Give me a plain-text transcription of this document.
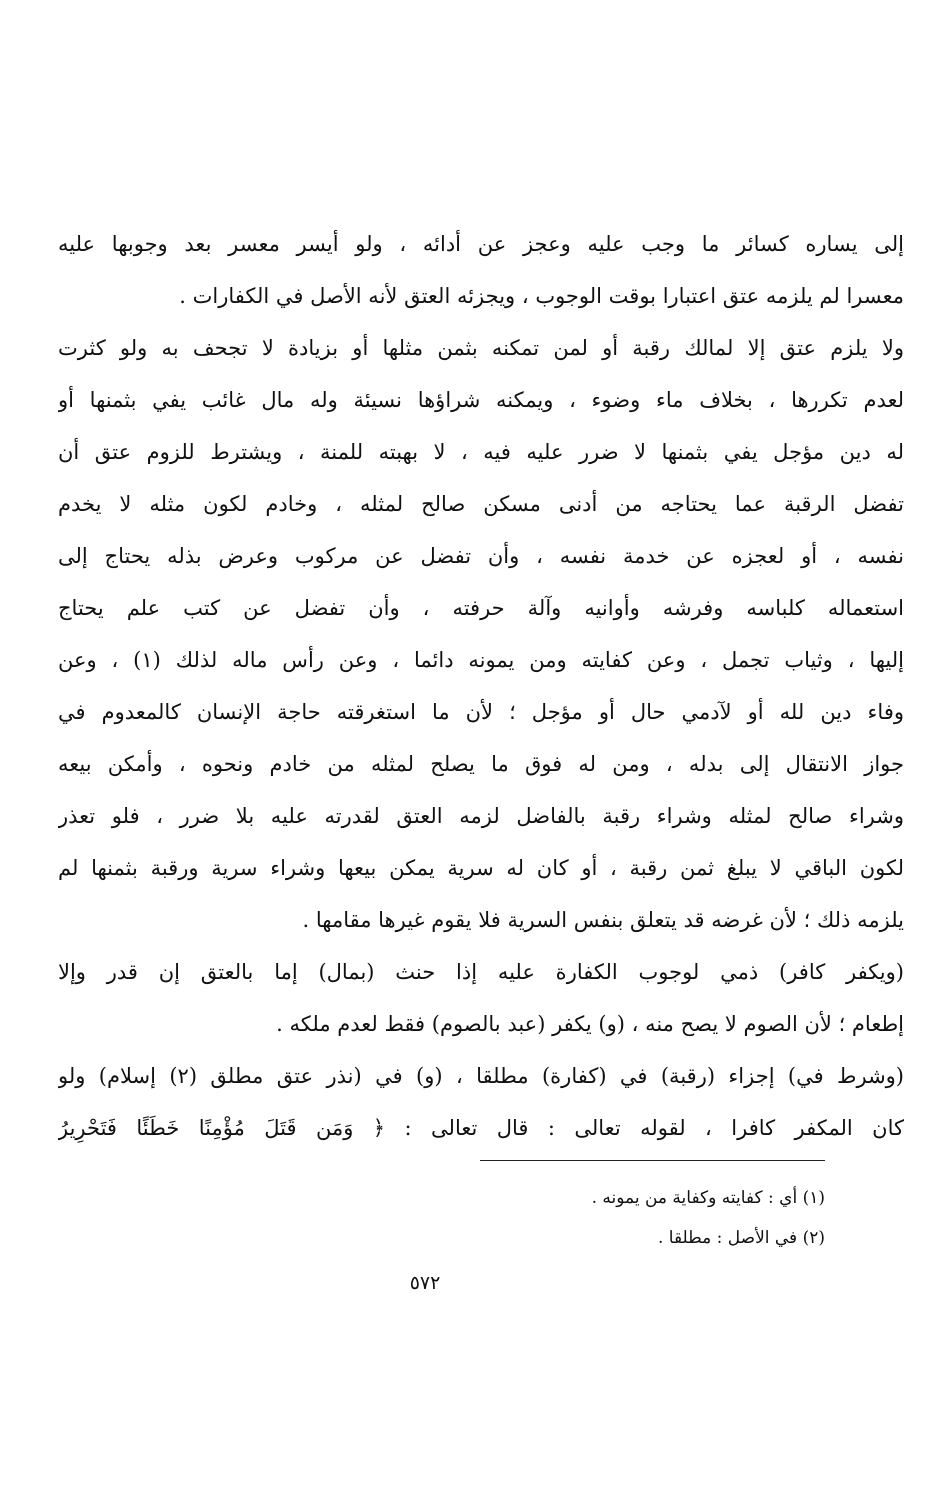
إلى يساره كسائر ما وجب عليه وعجز عن أدائه ، ولو أيسر معسر بعد وجوبها عليه
معسرا لم يلزمه عتق اعتبارا بوقت الوجوب ، ويجزئه العتق لأنه الأصل في الكفارات .
ولا يلزم عتق إلا لمالك رقبة أو لمن تمكنه بثمن مثلها أو بزيادة لا تجحف به ولو كثرت
لعدم تكررها ، بخلاف ماء وضوء ، ويمكنه شراؤها نسيئة وله مال غائب يفي بثمنها أو
له دين مؤجل يفي بثمنها لا ضرر عليه فيه ، لا بهبته للمنة ، ويشترط للزوم عتق أن
تفضل الرقبة عما يحتاجه من أدنى مسكن صالح لمثله ، وخادم لكون مثله لا يخدم
نفسه ، أو لعجزه عن خدمة نفسه ، وأن تفضل عن مركوب وعرض بذله يحتاج إلى
استعماله كلباسه وفرشه وأوانيه وآلة حرفته ، وأن تفضل عن كتب علم يحتاج
إليها ، وثياب تجمل ، وعن كفايته ومن يمونه دائما ، وعن رأس ماله لذلك (١) ، وعن
وفاء دين لله أو لآدمي حال أو مؤجل ؛ لأن ما استغرقته حاجة الإنسان كالمعدوم في
جواز الانتقال إلى بدله ، ومن له فوق ما يصلح لمثله من خادم ونحوه ، وأمكن بيعه
وشراء صالح لمثله وشراء رقبة بالفاضل لزمه العتق لقدرته عليه بلا ضرر ، فلو تعذر
لكون الباقي لا يبلغ ثمن رقبة ، أو كان له سرية يمكن بيعها وشراء سرية ورقبة بثمنها لم
يلزمه ذلك ؛ لأن غرضه قد يتعلق بنفس السرية فلا يقوم غيرها مقامها .
(ويكفر كافر) ذمي لوجوب الكفارة عليه إذا حنث (بمال) إما بالعتق إن قدر وإلا
إطعام ؛ لأن الصوم لا يصح منه ، (و) يكفر (عبد بالصوم) فقط لعدم ملكه .
(وشرط في) إجزاء (رقبة) في (كفارة) مطلقا ، (و) في (نذر عتق مطلق (٢) إسلام) ولو
كان المكفر كافرا ، لقوله تعالى : قال تعالى : ﴿ وَمَن قَتَلَ مُؤْمِنًا خَطَئًا فَتَحْرِيرُ
(١) أي : كفايته وكفاية من يمونه .
(٢) في الأصل : مطلقا .
٥٧٢
